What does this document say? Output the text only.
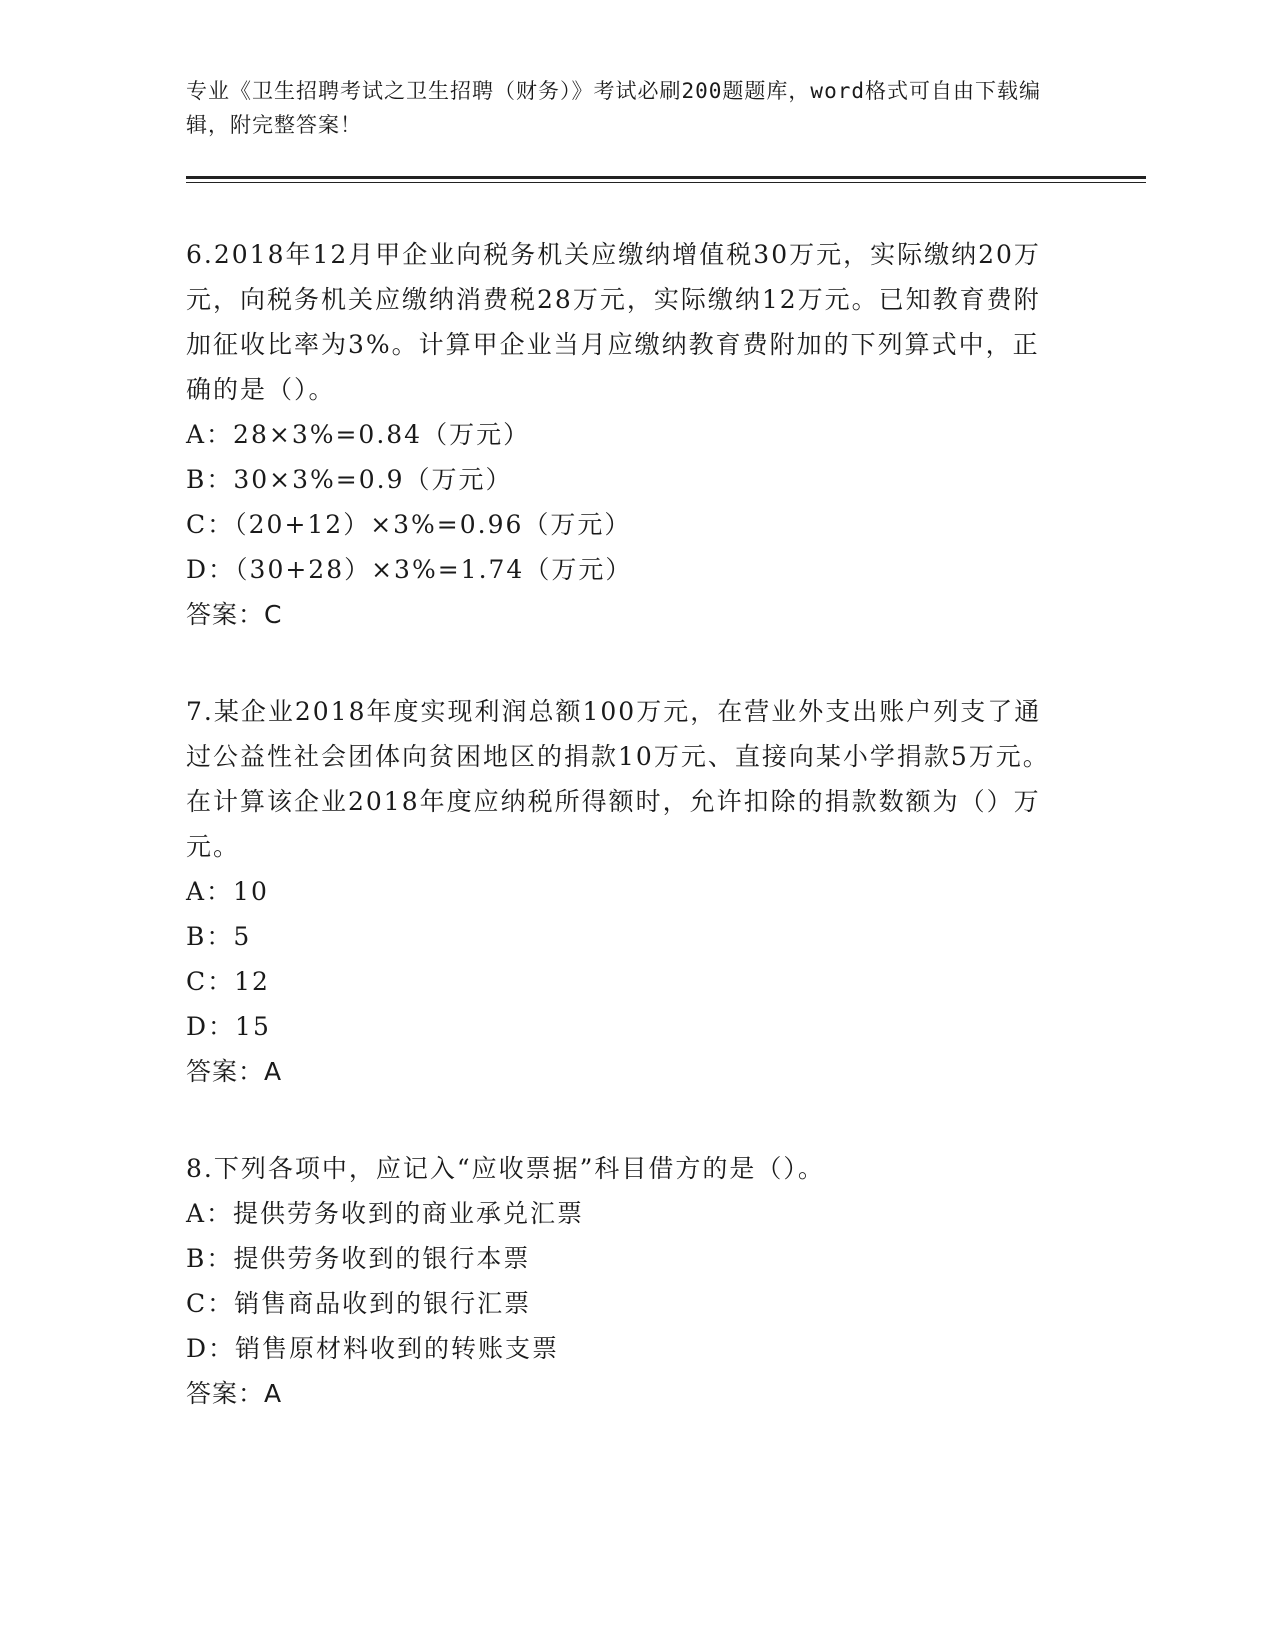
专业《卫生招聘考试之卫生招聘（财务）》考试必刷200题题库，word格式可自由下载编辑，附完整答案！

6.2018年12月甲企业向税务机关应缴纳增值税30万元，实际缴纳20万元，向税务机关应缴纳消费税28万元，实际缴纳12万元。已知教育费附加征收比率为3%。计算甲企业当月应缴纳教育费附加的下列算式中，正确的是（）。

A：28×3%=0.84（万元）

B：30×3%=0.9（万元）

C：（20+12）×3%=0.96（万元）

D：（30+28）×3%=1.74（万元）

答案：C

7.某企业2018年度实现利润总额100万元，在营业外支出账户列支了通过公益性社会团体向贫困地区的捐款10万元、直接向某小学捐款5万元。在计算该企业2018年度应纳税所得额时，允许扣除的捐款数额为（）万元。

A：10

B：5

C：12

D：15

答案：A

8.下列各项中，应记入“应收票据”科目借方的是（）。

A：提供劳务收到的商业承兑汇票

B：提供劳务收到的银行本票

C：销售商品收到的银行汇票

D：销售原材料收到的转账支票

答案：A
